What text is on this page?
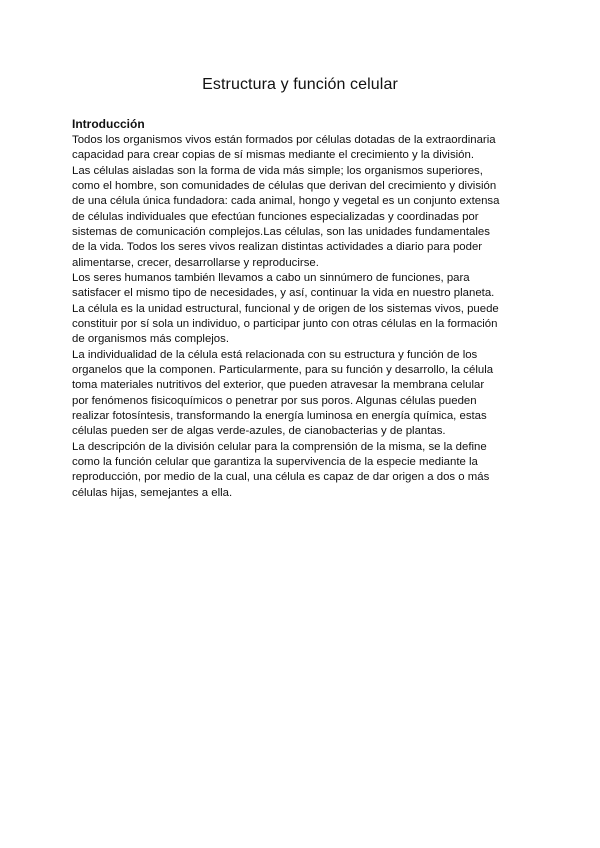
Estructura y función celular
Introducción
Todos los organismos vivos están formados por células dotadas de la extraordinaria
capacidad para crear copias de sí mismas mediante el crecimiento y la división.
Las células aisladas son la forma de vida más simple; los organismos superiores,
como el hombre, son comunidades de células que derivan del crecimiento y división
de una célula única fundadora: cada animal, hongo y vegetal es un conjunto extensa
de células individuales que efectúan funciones especializadas y coordinadas por
sistemas de comunicación complejos.Las células, son las unidades fundamentales
de la vida. Todos los seres vivos realizan distintas actividades a diario para poder
alimentarse, crecer, desarrollarse y reproducirse.
Los seres humanos también llevamos a cabo un sinnúmero de funciones, para
satisfacer el mismo tipo de necesidades, y así, continuar la vida en nuestro planeta.
La célula es la unidad estructural, funcional y de origen de los sistemas vivos, puede
constituir por sí sola un individuo, o participar junto con otras células en la formación
de organismos más complejos.
La individualidad de la célula está relacionada con su estructura y función de los
organelos que la componen. Particularmente, para su función y desarrollo, la célula
toma materiales nutritivos del exterior, que pueden atravesar la membrana celular
por fenómenos fisicoquímicos o penetrar por sus poros. Algunas células pueden
realizar fotosíntesis, transformando la energía luminosa en energía química, estas
células pueden ser de algas verde-azules, de cianobacterias y de plantas.
La descripción de la división celular para la comprensión de la misma, se la define
como la función celular que garantiza la supervivencia de la especie mediante la
reproducción, por medio de la cual, una célula es capaz de dar origen a dos o más
células hijas, semejantes a ella.
